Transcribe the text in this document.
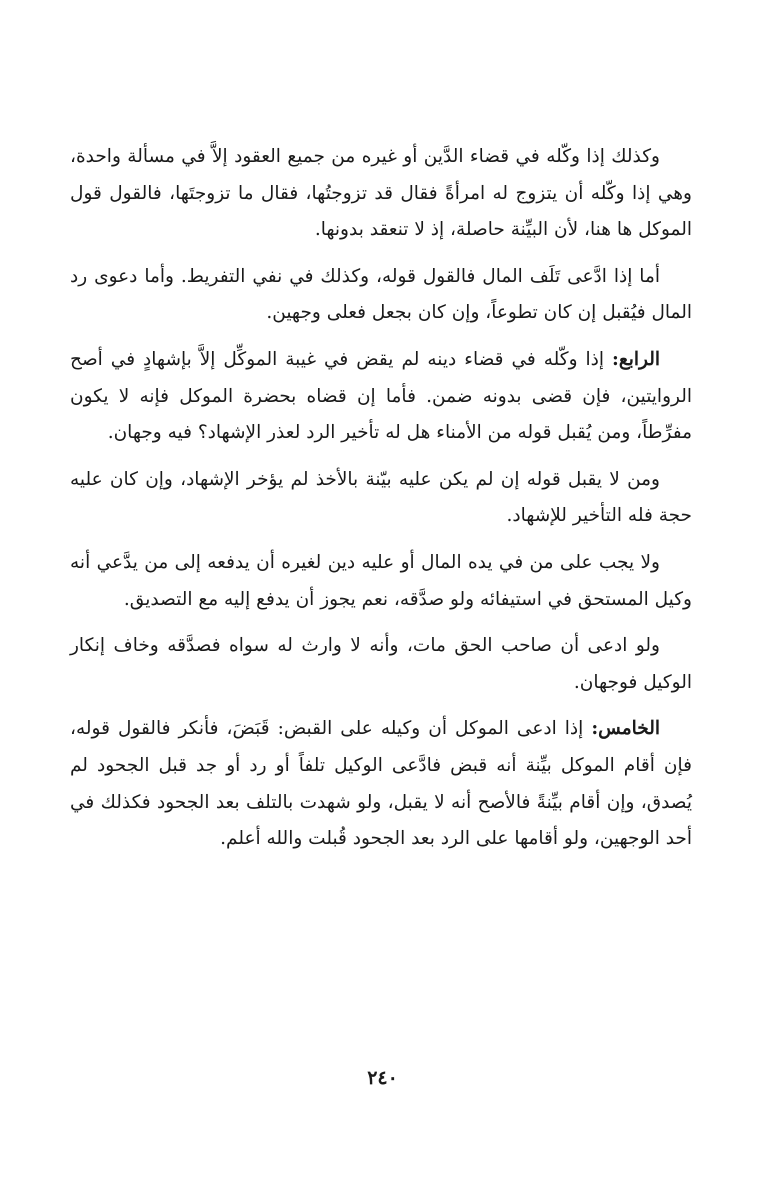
وكذلك إذا وكّله في قضاء الدَّين أو غيره من جميع العقود إلاَّ في مسألة واحدة، وهي إذا وكّله أن يتزوج له امرأةً فقال قد تزوجتُها، فقال ما تزوجتَها، فالقول قول الموكل ها هنا، لأن البيِّنة حاصلة، إذ لا تنعقد بدونها.

أما إذا ادَّعى تَلَف المال فالقول قوله، وكذلك في نفي التفريط. وأما دعوى رد المال فيُقبل إن كان تطوعاً، وإن كان بجعل فعلى وجهين.

الرابع: إذا وكّله في قضاء دينه لم يقض في غيبة الموكِّل إلاَّ بإشهادٍ في أصح الروايتين، فإن قضى بدونه ضمن. فأما إن قضاه بحضرة الموكل فإنه لا يكون مفرِّطاً، ومن يُقبل قوله من الأمناء هل له تأخير الرد لعذر الإشهاد؟ فيه وجهان.

ومن لا يقبل قوله إن لم يكن عليه بيّنة بالأخذ لم يؤخر الإشهاد، وإن كان عليه حجة فله التأخير للإشهاد.

ولا يجب على من في يده المال أو عليه دين لغيره أن يدفعه إلى من يدَّعي أنه وكيل المستحق في استيفائه ولو صدَّقه، نعم يجوز أن يدفع إليه مع التصديق.

ولو ادعى أن صاحب الحق مات، وأنه لا وارث له سواه فصدَّقه وخاف إنكار الوكيل فوجهان.

الخامس: إذا ادعى الموكل أن وكيله على القبض: قَبَضَ، فأنكر فالقول قوله، فإن أقام الموكل بيِّنة أنه قبض فادَّعى الوكيل تلفاً أو رد أو جد قبل الجحود لم يُصدق، وإن أقام بيِّنةً فالأصح أنه لا يقبل، ولو شهدت بالتلف بعد الجحود فكذلك في أحد الوجهين، ولو أقامها على الرد بعد الجحود قُبلت والله أعلم.

٢٤٠
